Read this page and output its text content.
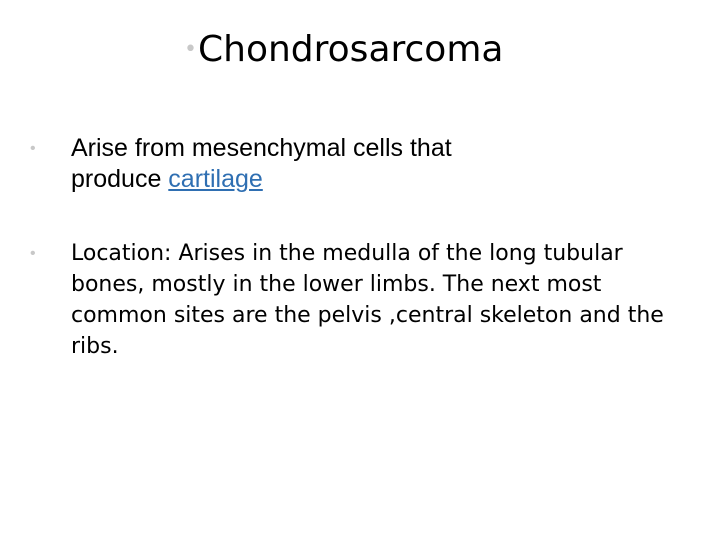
• Chondrosarcoma
• Arise from mesenchymal cells that
produce cartilage
• Location: Arises in the medulla of the long tubular bones, mostly in the lower limbs. The next most common sites are the pelvis ,central skeleton and the ribs.
